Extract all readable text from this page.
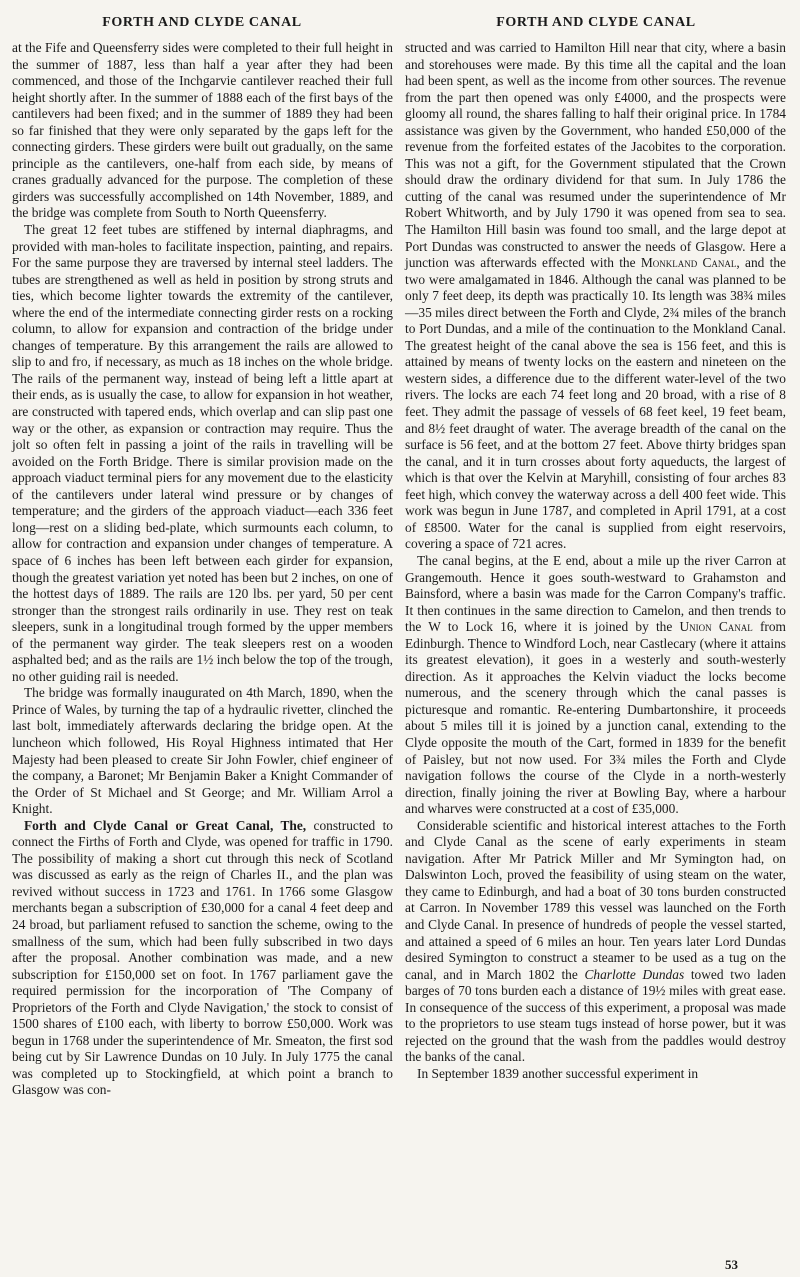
FORTH AND CLYDE CANAL	FORTH AND CLYDE CANAL

at the Fife and Queensferry sides were completed to their full height in the summer of 1887, less than half a year after they had been commenced, and those of the Inchgarvie cantilever reached their full height shortly after. In the summer of 1888 each of the first bays of the cantilevers had been fixed; and in the summer of 1889 they had been so far finished that they were only separated by the gaps left for the connecting girders. These girders were built out gradually, on the same principle as the cantilevers, one-half from each side, by means of cranes gradually advanced for the purpose. The completion of these girders was successfully accomplished on 14th November, 1889, and the bridge was complete from South to North Queensferry.

The great 12 feet tubes are stiffened by internal diaphragms, and provided with man-holes to facilitate inspection, painting, and repairs. For the same purpose they are traversed by internal steel ladders. The tubes are strengthened as well as held in position by strong struts and ties, which become lighter towards the extremity of the cantilever, where the end of the intermediate connecting girder rests on a rocking column, to allow for expansion and contraction of the bridge under changes of temperature. By this arrangement the rails are allowed to slip to and fro, if necessary, as much as 18 inches on the whole bridge. The rails of the permanent way, instead of being left a little apart at their ends, as is usually the case, to allow for expansion in hot weather, are constructed with tapered ends, which overlap and can slip past one way or the other, as expansion or contraction may require. Thus the jolt so often felt in passing a joint of the rails in travelling will be avoided on the Forth Bridge. There is similar provision made on the approach viaduct terminal piers for any movement due to the elasticity of the cantilevers under lateral wind pressure or by changes of temperature; and the girders of the approach viaduct—each 336 feet long—rest on a sliding bed-plate, which surmounts each column, to allow for contraction and expansion under changes of temperature. A space of 6 inches has been left between each girder for expansion, though the greatest variation yet noted has been but 2 inches, on one of the hottest days of 1889. The rails are 120 lbs. per yard, 50 per cent stronger than the strongest rails ordinarily in use. They rest on teak sleepers, sunk in a longitudinal trough formed by the upper members of the permanent way girder. The teak sleepers rest on a wooden asphalted bed; and as the rails are 1½ inch below the top of the trough, no other guiding rail is needed.

The bridge was formally inaugurated on 4th March, 1890, when the Prince of Wales, by turning the tap of a hydraulic rivetter, clinched the last bolt, immediately afterwards declaring the bridge open. At the luncheon which followed, His Royal Highness intimated that Her Majesty had been pleased to create Sir John Fowler, chief engineer of the company, a Baronet; Mr Benjamin Baker a Knight Commander of the Order of St Michael and St George; and Mr. William Arrol a Knight.

Forth and Clyde Canal or Great Canal, The, constructed to connect the Firths of Forth and Clyde, was opened for traffic in 1790. The possibility of making a short cut through this neck of Scotland was discussed as early as the reign of Charles II., and the plan was revived without success in 1723 and 1761. In 1766 some Glasgow merchants began a subscription of £30,000 for a canal 4 feet deep and 24 broad, but parliament refused to sanction the scheme, owing to the smallness of the sum, which had been fully subscribed in two days after the proposal. Another combination was made, and a new subscription for £150,000 set on foot. In 1767 parliament gave the required permission for the incorporation of 'The Company of Proprietors of the Forth and Clyde Navigation,' the stock to consist of 1500 shares of £100 each, with liberty to borrow £50,000. Work was begun in 1768 under the superintendence of Mr. Smeaton, the first sod being cut by Sir Lawrence Dundas on 10 July. In July 1775 the canal was completed up to Stockingfield, at which point a branch to Glasgow was con-

structed and was carried to Hamilton Hill near that city, where a basin and storehouses were made. By this time all the capital and the loan had been spent, as well as the income from other sources. The revenue from the part then opened was only £4000, and the prospects were gloomy all round, the shares falling to half their original price. In 1784 assistance was given by the Government, who handed £50,000 of the revenue from the forfeited estates of the Jacobites to the corporation. This was not a gift, for the Government stipulated that the Crown should draw the ordinary dividend for that sum. In July 1786 the cutting of the canal was resumed under the superintendence of Mr Robert Whitworth, and by July 1790 it was opened from sea to sea. The Hamilton Hill basin was found too small, and the large depot at Port Dundas was constructed to answer the needs of Glasgow. Here a junction was afterwards effected with the Monkland Canal, and the two were amalgamated in 1846. Although the canal was planned to be only 7 feet deep, its depth was practically 10. Its length was 38¾ miles—35 miles direct between the Forth and Clyde, 2¾ miles of the branch to Port Dundas, and a mile of the continuation to the Monkland Canal. The greatest height of the canal above the sea is 156 feet, and this is attained by means of twenty locks on the eastern and nineteen on the western sides, a difference due to the different water-level of the two rivers. The locks are each 74 feet long and 20 broad, with a rise of 8 feet. They admit the passage of vessels of 68 feet keel, 19 feet beam, and 8½ feet draught of water. The average breadth of the canal on the surface is 56 feet, and at the bottom 27 feet. Above thirty bridges span the canal, and it in turn crosses about forty aqueducts, the largest of which is that over the Kelvin at Maryhill, consisting of four arches 83 feet high, which convey the waterway across a dell 400 feet wide. This work was begun in June 1787, and completed in April 1791, at a cost of £8500. Water for the canal is supplied from eight reservoirs, covering a space of 721 acres.

The canal begins, at the E end, about a mile up the river Carron at Grangemouth. Hence it goes south-westward to Grahamston and Bainsford, where a basin was made for the Carron Company's traffic. It then continues in the same direction to Camelon, and then trends to the W to Lock 16, where it is joined by the Union Canal from Edinburgh. Thence to Windford Loch, near Castlecary (where it attains its greatest elevation), it goes in a westerly and south-westerly direction. As it approaches the Kelvin viaduct the locks become numerous, and the scenery through which the canal passes is picturesque and romantic. Re-entering Dumbartonshire, it proceeds about 5 miles till it is joined by a junction canal, extending to the Clyde opposite the mouth of the Cart, formed in 1839 for the benefit of Paisley, but not now used. For 3¾ miles the Forth and Clyde navigation follows the course of the Clyde in a north-westerly direction, finally joining the river at Bowling Bay, where a harbour and wharves were constructed at a cost of £35,000.

Considerable scientific and historical interest attaches to the Forth and Clyde Canal as the scene of early experiments in steam navigation. After Mr Patrick Miller and Mr Symington had, on Dalswinton Loch, proved the feasibility of using steam on the water, they came to Edinburgh, and had a boat of 30 tons burden constructed at Carron. In November 1789 this vessel was launched on the Forth and Clyde Canal. In presence of hundreds of people the vessel started, and attained a speed of 6 miles an hour. Ten years later Lord Dundas desired Symington to construct a steamer to be used as a tug on the canal, and in March 1802 the Charlotte Dundas towed two laden barges of 70 tons burden each a distance of 19½ miles with great ease. In consequence of the success of this experiment, a proposal was made to the proprietors to use steam tugs instead of horse power, but it was rejected on the ground that the wash from the paddles would destroy the banks of the canal.

In September 1839 another successful experiment in

53
